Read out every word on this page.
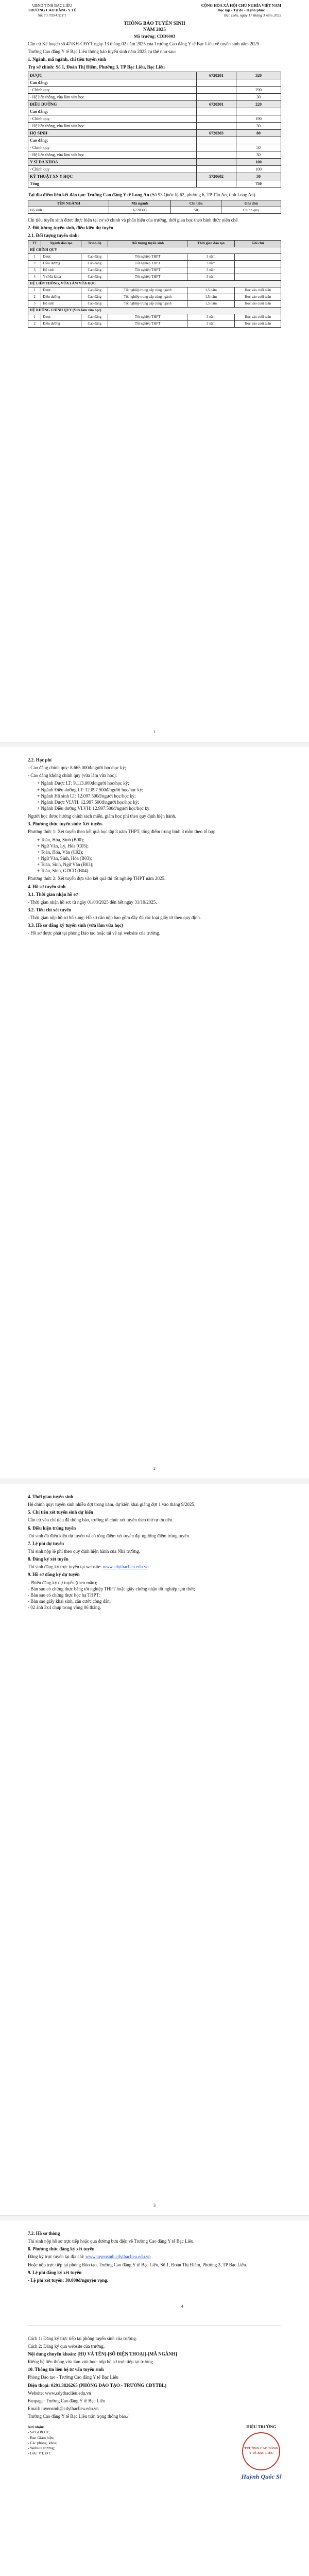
UBND TỈNH BẠC LIÊU
TRƯỜNG CAO ĐẲNG Y TẾ
Số: 73 /TB-CĐYT
CỘNG HÒA XÃ HỘI CHỦ NGHĨA VIỆT NAM
Độc lập - Tự do - Hạnh phúc
Bạc Liêu, ngày 17 tháng 3 năm 2025
THÔNG BÁO TUYỂN SINH
NĂM 2025
Mã trường: CDD6003

Căn cứ Kế hoạch số 47/KH-CĐYT ngày 13 tháng 02 năm 2025 của Trường Cao đẳng Y tế Bạc Liêu về tuyển sinh năm 2025.

Trường Cao đẳng Y tế Bạc Liêu thông báo tuyển sinh năm 2025 cụ thể như sau:

1. Ngành, mã ngành, chỉ tiêu tuyển sinh

Trụ sở chính: Số 1, Đoàn Thị Điểm, Phường 3, TP Bạc Liêu, Bạc Liêu

DƯỢC	6720201	320
Cao đẳng:		
- Chính quy		290
- Hệ liên thông, vừa làm vừa học		30
ĐIỀU DƯỠNG	6720301	220
Cao đẳng:		
- Chính quy		190
- Hệ liên thông, vừa làm vừa học		30
HỘ SINH	6720303	80
Cao đẳng:		
- Chính quy		50
- Hệ liên thông, vừa làm vừa học		30
Y SĨ ĐA KHOA		100
- Chính quy		100
KỸ THUẬT XN Y HỌC	5720602	30
Tổng		750

Tại địa điểm liên kết đào tạo: Trường Cao đẳng Y tế Long An (Số 93 Quốc lộ 62, phường 6, TP Tân An, tỉnh Long An)

TÊN NGÀNH	Mã ngành	Chỉ tiêu	Ghi chú
Hộ sinh	6720303	50	Chính quy

Chỉ tiêu tuyển sinh được thực hiện tại cơ sở chính và phân hiệu của trường, thời gian học theo hình thức niên chế.

2. Đối tượng tuyển sinh, điều kiện dự tuyển

2.1. Đối tượng tuyển sinh:

TT	Ngành đào tạo	Trình độ	Đối tượng tuyển sinh	Thời gian đào tạo	Ghi chú
HỆ CHÍNH QUY					
1	Dược	Cao đẳng	Tốt nghiệp THPT	3 năm	
2	Điều dưỡng	Cao đẳng	Tốt nghiệp THPT	3 năm	
3	Hộ sinh	Cao đẳng	Tốt nghiệp THPT	3 năm	
4	Y sĩ đa khoa	Cao đẳng	Tốt nghiệp THPT	3 năm	
HỆ LIÊN THÔNG, VỪA LÀM VỪA HỌC					
1	Dược	Cao đẳng	Tốt nghiệp trung cấp cùng ngành	1,5 năm	Học vào cuối tuần
2	Điều dưỡng	Cao đẳng	Tốt nghiệp trung cấp cùng ngành	1,5 năm	Học vào cuối tuần
3	Hộ sinh	Cao đẳng	Tốt nghiệp trung cấp cùng ngành	1,5 năm	Học vào cuối tuần
HỆ KHÔNG CHÍNH QUY (Vừa làm vừa học)					
1	Dược	Cao đẳng	Tốt nghiệp THPT	3 năm	Học vào cuối tuần
2	Điều dưỡng	Cao đẳng	Tốt nghiệp THPT	3 năm	Học vào cuối tuần
1

2.2. Học phí

- Cao đẳng chính quy: 8.665.000đ/người học/học kỳ;

- Cao đẳng không chính quy (vừa làm vừa học):

+ Ngành Dược LT: 9.113.000đ/người học/học kỳ;
+ Ngành Điều dưỡng LT: 12.097.500đ/người học/học kỳ;
+ Ngành Hộ sinh LT: 12.097.500đ/người học/học kỳ;
+ Ngành Dược VLVH: 12.997.500đ/người học/học kỳ;
+ Ngành Điều dưỡng VLVH: 12.997.500đ/người học/học kỳ.

Người học được hưởng chính sách miễn, giảm học phí theo quy định hiện hành.

3. Phương thức tuyển sinh: Xét tuyển.

Phương thức 1: Xét tuyển theo kết quả học tập 3 năm THPT, tổng điểm trung bình 3 môn theo tổ hợp.

+ Toán, Hóa, Sinh (B00);
+ Ngữ Văn, Lý, Hóa (C05);
+ Toán, Hóa, Văn (C02);
+ Ngữ Văn, Sinh, Hóa (B03);
+ Toán, Sinh, Ngữ Văn (B03);
+ Toán, Sinh, GDCD (B04).

Phương thức 2: Xét tuyển dựa vào kết quả thi tốt nghiệp THPT năm 2025.

4. Hồ sơ tuyển sinh

3.1. Thời gian nhận hồ sơ

- Thời gian nhận hồ sơ: từ ngày 01/03/2025 đến hết ngày 31/10/2025.

3.2. Tiêu chí xét tuyển

- Thời gian nộp hồ sơ bổ sung: Hồ sơ cần nộp bao gồm đầy đủ các loại giấy tờ theo quy định.

3.3. Hồ sơ đăng ký tuyển sinh (vừa làm vừa học)

- Hồ sơ được phát tại phòng Đào tạo hoặc tải về tại website của trường.

2

4. Thời gian tuyển sinh

Hệ chính quy: tuyển sinh nhiều đợt trong năm, dự kiến khai giảng đợt 1 vào tháng 9/2025.

5. Chỉ tiêu xét tuyển sinh dự kiến

Căn cứ vào chỉ tiêu đã thông báo, trường tổ chức xét tuyển theo thứ tự ưu tiên.

6. Điều kiện trúng tuyển

Thí sinh đủ điều kiện dự tuyển và có tổng điểm xét tuyển đạt ngưỡng điểm trúng tuyển.

7. Lệ phí dự tuyển

Thí sinh nộp lệ phí theo quy định hiện hành của Nhà trường.

8. Đăng ký xét tuyển

Thí sinh đăng ký trực tuyến tại website: www.cdytbaclieu.edu.vn

9. Hồ sơ đăng ký dự tuyển

- Phiếu đăng ký dự tuyển (theo mẫu);
- Bản sao có chứng thực bằng tốt nghiệp THPT hoặc giấy chứng nhận tốt nghiệp tạm thời;
- Bản sao có chứng thực học bạ THPT;
- Bản sao giấy khai sinh, căn cước công dân;
- 02 ảnh 3x4 chụp trong vòng 06 tháng.
3

7.2. Hồ sơ thông

Thí sinh nộp hồ sơ trực tiếp hoặc qua đường bưu điện về Trường Cao đẳng Y tế Bạc Liêu.

8. Phương thức đăng ký xét tuyển

Đăng ký trực tuyến tại địa chỉ: www.tuyensinh.cdytbaclieu.edu.vn

Hoặc nộp trực tiếp tại phòng Đào tạo, Trường Cao đẳng Y tế Bạc Liêu, Số 1, Đoàn Thị Điểm, Phường 3, TP Bạc Liêu.

9. Lệ phí đăng ký xét tuyển

- Lệ phí xét tuyển: 30.000đ/nguyện vọng.

4

Cách 1: Đăng ký trực tiếp tại phòng tuyển sinh của trường.

Cách 2: Đăng ký qua website của trường.

Nội dung chuyển khoản: [HỌ VÀ TÊN]-[SỐ ĐIỆN THOẠI]-[MÃ NGÀNH]

Riêng hệ liên thông vừa làm vừa học: nộp hồ sơ trực tiếp tại trường.

10. Thông tin liên hệ tư vấn tuyển sinh

Phòng Đào tạo - Trường Cao đẳng Y tế Bạc Liêu

Điện thoại: 0291.3826265 (PHÒNG ĐÀO TẠO - TRƯỜNG CĐYTBL)

Website: www.cdytbaclieu.edu.vn

Fanpage: Trường Cao đẳng Y tế Bạc Liêu

Email: tuyensinh@cdytbaclieu.edu.vn

Trường Cao đẳng Y tế Bạc Liêu trân trọng thông báo./.

Nơi nhận:
- Sở GD&ĐT;
- Ban Giám hiệu;
- Các phòng, khoa;
- Website trường;
- Lưu: VT, ĐT.
HIỆU TRƯỞNG
TRƯỜNG CAO ĐẲNG Y TẾ BẠC LIÊU
Huỳnh Quốc Sĩ
